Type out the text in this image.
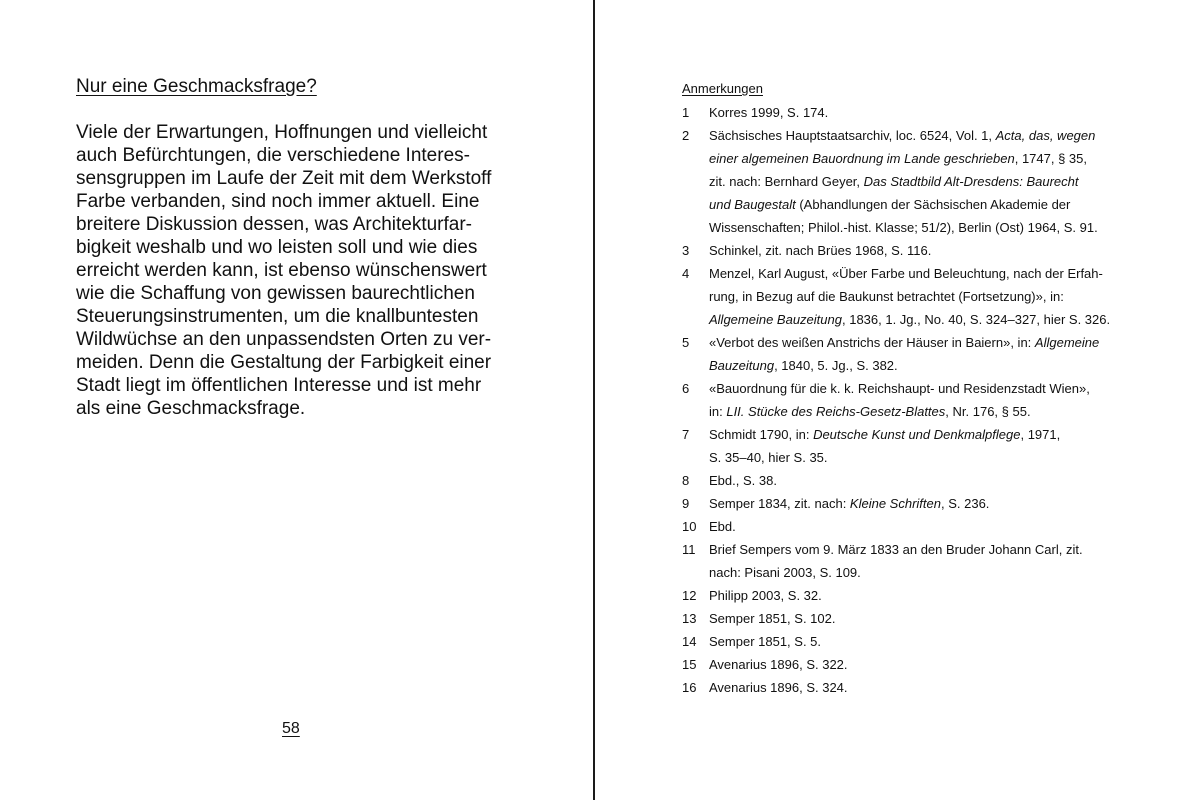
Nur eine Geschmacksfrage?
Viele der Erwartungen, Hoffnungen und vielleicht
auch Befürchtungen, die verschiedene Interes-
sensgruppen im Laufe der Zeit mit dem Werkstoff
Farbe verbanden, sind noch immer aktuell. Eine
breitere Diskussion dessen, was Architekturfar-
bigkeit weshalb und wo leisten soll und wie dies
erreicht werden kann, ist ebenso wünschenswert
wie die Schaffung von gewissen baurechtlichen
Steuerungsinstrumenten, um die knallbuntesten
Wildwüchse an den unpassendsten Orten zu ver-
meiden. Denn die Gestaltung der Farbigkeit einer
Stadt liegt im öffentlichen Interesse und ist mehr
als eine Geschmacksfrage.
58
Anmerkungen
1	Korres 1999, S. 174.
2	Sächsisches Hauptstaatsarchiv, loc. 6524, Vol. 1, Acta, das, wegen
einer algemeinen Bauordnung im Lande geschrieben, 1747, § 35,
zit. nach: Bernhard Geyer, Das Stadtbild Alt-Dresdens: Baurecht
und Baugestalt (Abhandlungen der Sächsischen Akademie der
Wissenschaften; Philol.-hist. Klasse; 51/2), Berlin (Ost) 1964, S. 91.
3	Schinkel, zit. nach Brües 1968, S. 116.
4	Menzel, Karl August, «Über Farbe und Beleuchtung, nach der Erfah-
rung, in Bezug auf die Baukunst betrachtet (Fortsetzung)», in:
Allgemeine Bauzeitung, 1836, 1. Jg., No. 40, S. 324–327, hier S. 326.
5	«Verbot des weißen Anstrichs der Häuser in Baiern», in: Allgemeine
Bauzeitung, 1840, 5. Jg., S. 382.
6	«Bauordnung für die k. k. Reichshaupt- und Residenzstadt Wien»,
in: LII. Stücke des Reichs-Gesetz-Blattes, Nr. 176, § 55.
7	Schmidt 1790, in: Deutsche Kunst und Denkmalpflege, 1971,
S. 35–40, hier S. 35.
8	Ebd., S. 38.
9	Semper 1834, zit. nach: Kleine Schriften, S. 236.
10 Ebd.
11	Brief Sempers vom 9. März 1833 an den Bruder Johann Carl, zit.
nach: Pisani 2003, S. 109.
12 Philipp 2003, S. 32.
13 Semper 1851, S. 102.
14 Semper 1851, S. 5.
15 Avenarius 1896, S. 322.
16 Avenarius 1896, S. 324.
